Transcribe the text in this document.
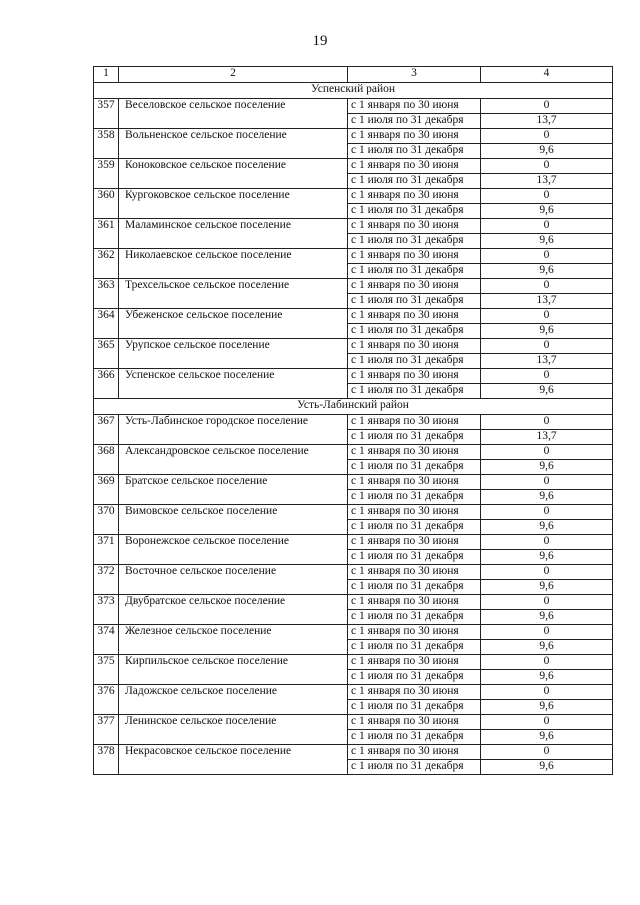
19
1	2	3	4
Успенский район			
357	Веселовское сельское поселение	с 1 января по 30 июня	0
		с 1 июля по 31 декабря	13,7
358	Вольненское сельское поселение	с 1 января по 30 июня	0
		с 1 июля по 31 декабря	9,6
359	Коноковское сельское поселение	с 1 января по 30 июня	0
		с 1 июля по 31 декабря	13,7
360	Кургоковское сельское поселение	с 1 января по 30 июня	0
		с 1 июля по 31 декабря	9,6
361	Маламинское сельское поселение	с 1 января по 30 июня	0
		с 1 июля по 31 декабря	9,6
362	Николаевское сельское поселение	с 1 января по 30 июня	0
		с 1 июля по 31 декабря	9,6
363	Трехсельское сельское поселение	с 1 января по 30 июня	0
		с 1 июля по 31 декабря	13,7
364	Убеженское сельское поселение	с 1 января по 30 июня	0
		с 1 июля по 31 декабря	9,6
365	Урупское сельское поселение	с 1 января по 30 июня	0
		с 1 июля по 31 декабря	13,7
366	Успенское сельское поселение	с 1 января по 30 июня	0
		с 1 июля по 31 декабря	9,6
Усть-Лабинский район			
367	Усть-Лабинское городское поселение	с 1 января по 30 июня	0
		с 1 июля по 31 декабря	13,7
368	Александровское сельское поселение	с 1 января по 30 июня	0
		с 1 июля по 31 декабря	9,6
369	Братское сельское поселение	с 1 января по 30 июня	0
		с 1 июля по 31 декабря	9,6
370	Вимовское сельское поселение	с 1 января по 30 июня	0
		с 1 июля по 31 декабря	9,6
371	Воронежское сельское поселение	с 1 января по 30 июня	0
		с 1 июля по 31 декабря	9,6
372	Восточное сельское поселение	с 1 января по 30 июня	0
		с 1 июля по 31 декабря	9,6
373	Двубратское сельское поселение	с 1 января по 30 июня	0
		с 1 июля по 31 декабря	9,6
374	Железное сельское поселение	с 1 января по 30 июня	0
		с 1 июля по 31 декабря	9,6
375	Кирпильское сельское поселение	с 1 января по 30 июня	0
		с 1 июля по 31 декабря	9,6
376	Ладожское сельское поселение	с 1 января по 30 июня	0
		с 1 июля по 31 декабря	9,6
377	Ленинское сельское поселение	с 1 января по 30 июня	0
		с 1 июля по 31 декабря	9,6
378	Некрасовское сельское поселение	с 1 января по 30 июня	0
		с 1 июля по 31 декабря	9,6
